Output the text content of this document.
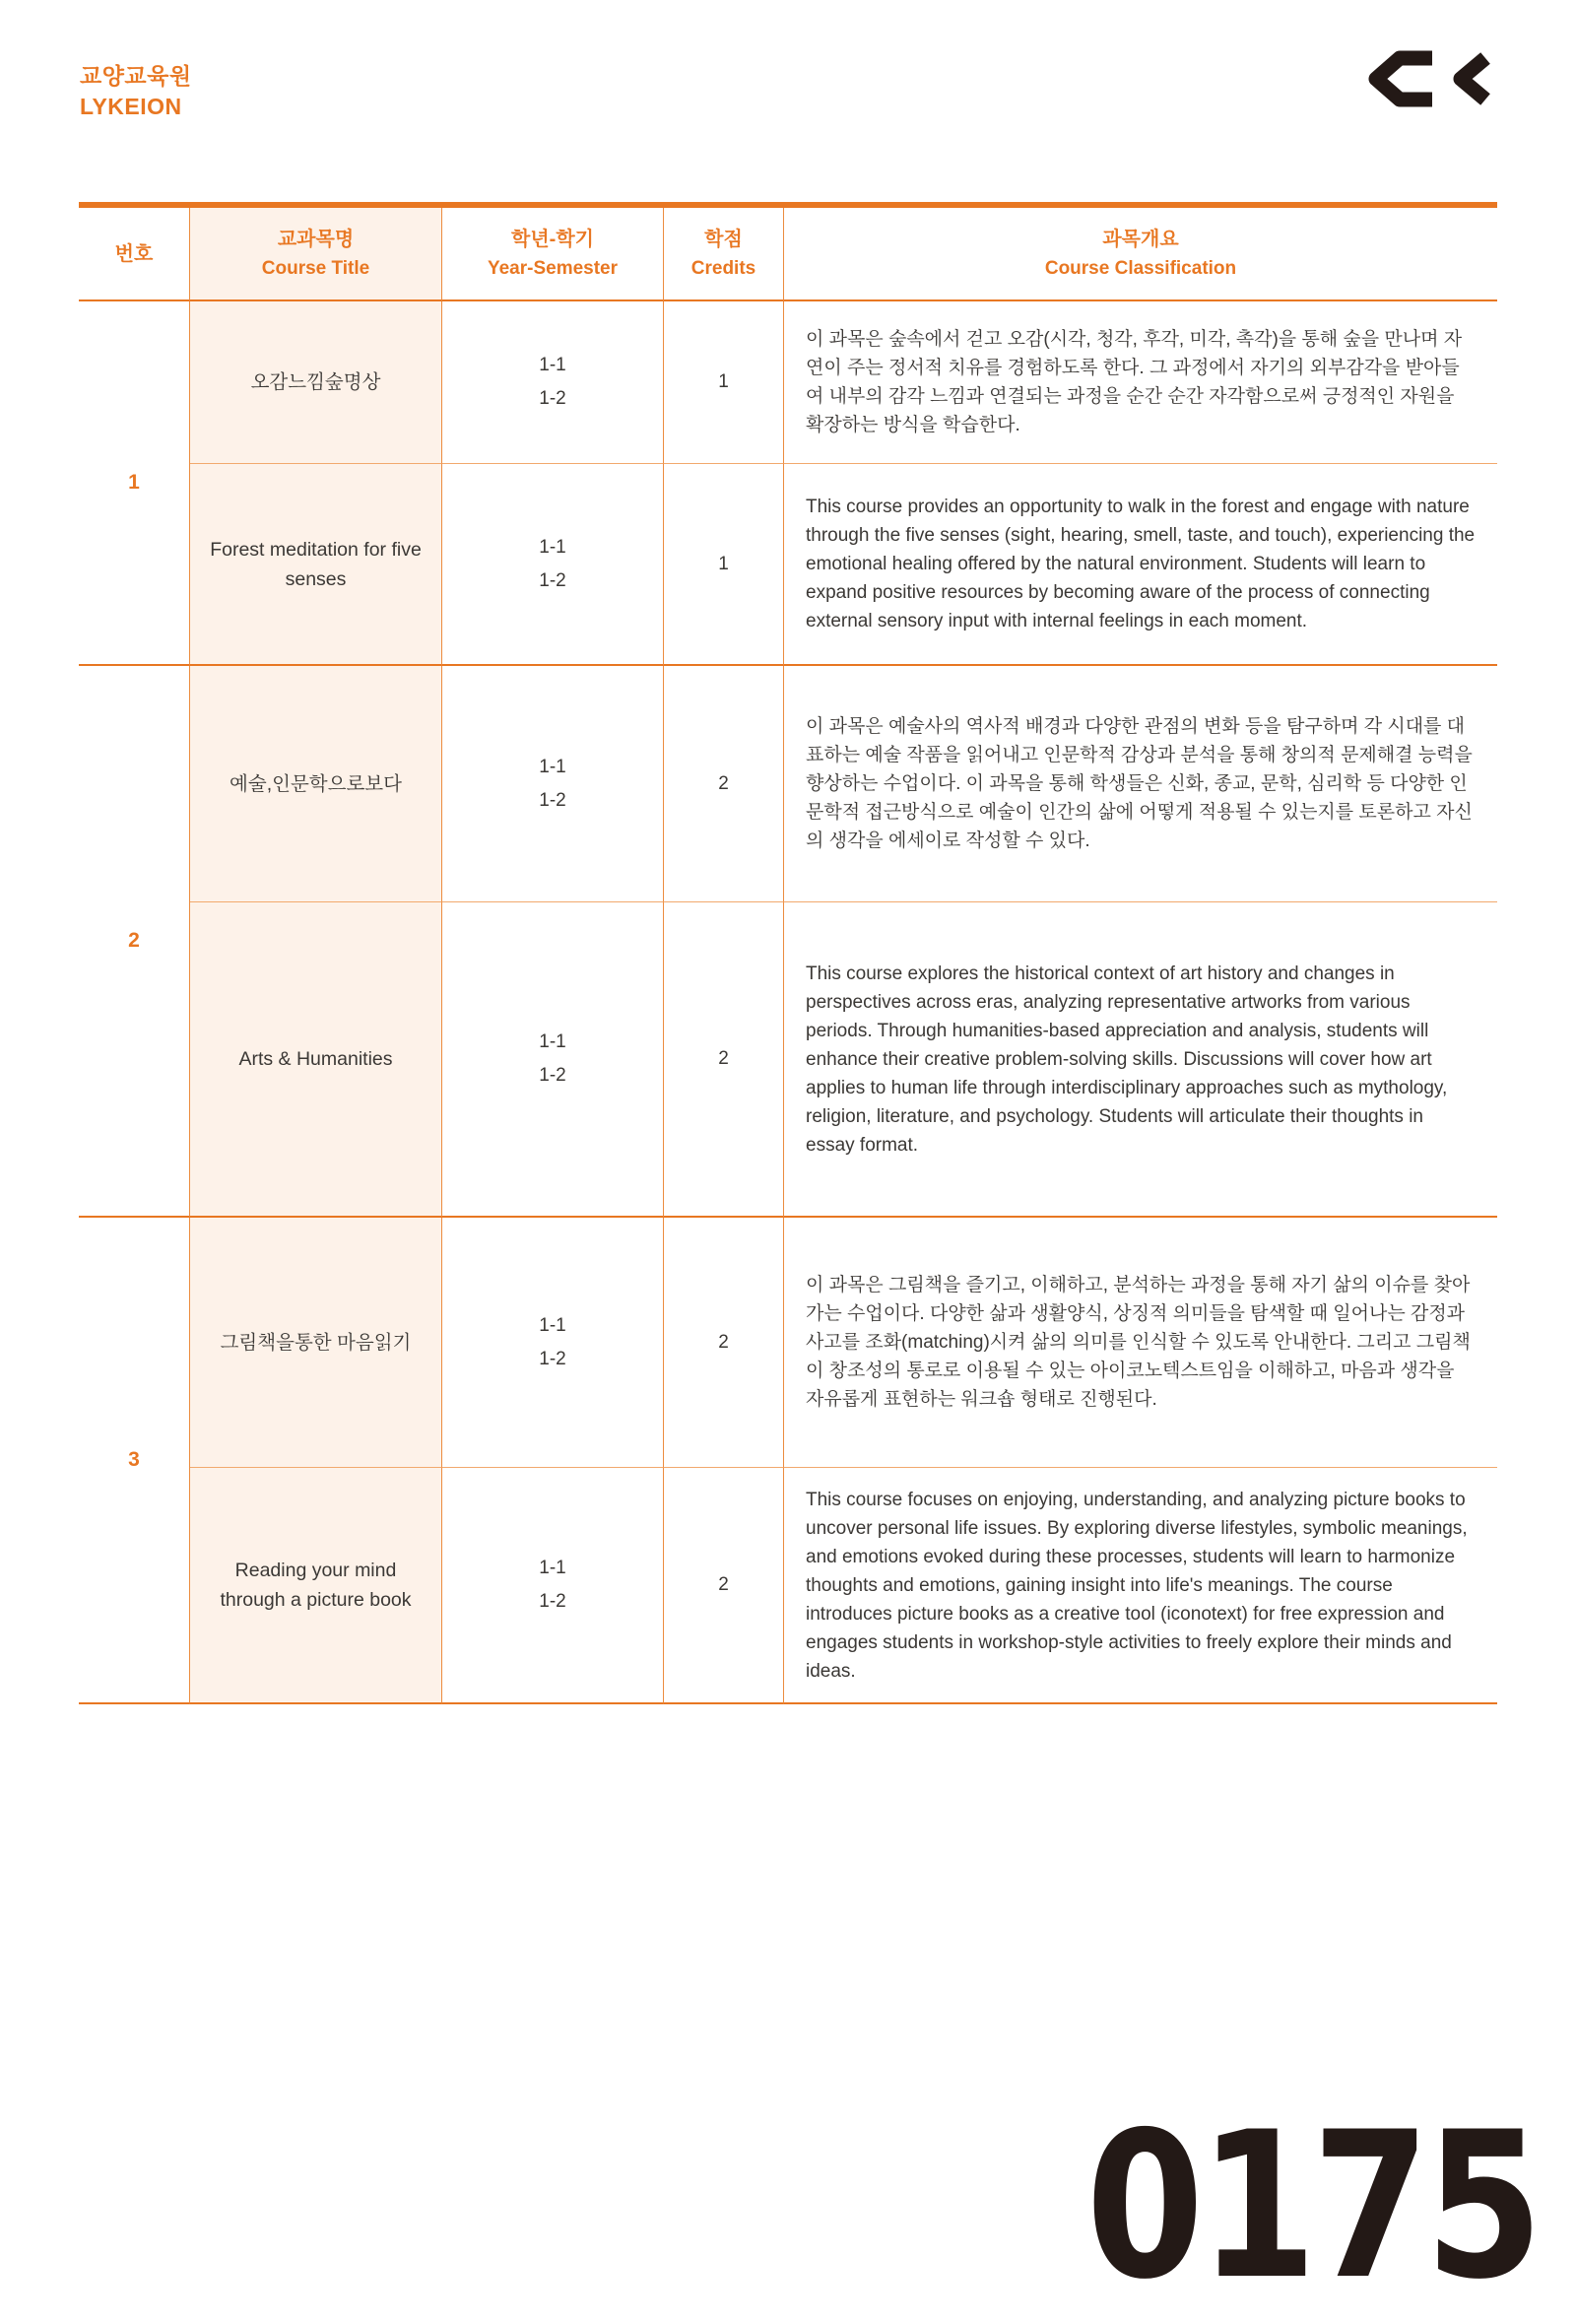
교양교육원
LYKEION
번호
교과목명
Course Title
학년-학기
Year-Semester
학점
Credits
과목개요
Course Classification
1
오감느낌숲명상
1-1
1-2
1

이 과목은 숲속에서 걷고 오감(시각, 청각, 후각, 미각, 촉각)을 통해 숲을 만나며 자연이 주는 정서적 치유를 경험하도록 한다. 그 과정에서 자기의 외부감각을 받아들여 내부의 감각 느낌과 연결되는 과정을 순간 순간 자각함으로써 긍정적인 자원을 확장하는 방식을 학습한다.

Forest meditation for five senses
1-1
1-2
1

This course provides an opportunity to walk in the forest and engage with nature through the five senses (sight, hearing, smell, taste, and touch), experiencing the emotional healing offered by the natural environment. Students will learn to expand positive resources by becoming aware of the process of connecting external sensory input with internal feelings in each moment.

2
예술,인문학으로보다
1-1
1-2
2

이 과목은 예술사의 역사적 배경과 다양한 관점의 변화 등을 탐구하며 각 시대를 대표하는 예술 작품을 읽어내고 인문학적 감상과 분석을 통해 창의적 문제해결 능력을 향상하는 수업이다. 이 과목을 통해 학생들은 신화, 종교, 문학, 심리학 등 다양한 인문학적 접근방식으로 예술이 인간의 삶에 어떻게 적용될 수 있는지를 토론하고 자신의 생각을 에세이로 작성할 수 있다.

Arts & Humanities
1-1
1-2
2

This course explores the historical context of art history and changes in perspectives across eras, analyzing representative artworks from various periods. Through humanities-based appreciation and analysis, students will enhance their creative problem-solving skills. Discussions will cover how art applies to human life through interdisciplinary approaches such as mythology, religion, literature, and psychology. Students will articulate their thoughts in essay format.

3
그림책을통한 마음읽기
1-1
1-2
2

이 과목은 그림책을 즐기고, 이해하고, 분석하는 과정을 통해 자기 삶의 이슈를 찾아가는 수업이다. 다양한 삶과 생활양식, 상징적 의미들을 탐색할 때 일어나는 감정과 사고를 조화(matching)시켜 삶의 의미를 인식할 수 있도록 안내한다. 그리고 그림책이 창조성의 통로로 이용될 수 있는 아이코노텍스트임을 이해하고, 마음과 생각을 자유롭게 표현하는 워크숍 형태로 진행된다.

Reading your mind through a picture book
1-1
1-2
2

This course focuses on enjoying, understanding, and analyzing picture books to uncover personal life issues. By exploring diverse lifestyles, symbolic meanings, and emotions evoked during these processes, students will learn to harmonize thoughts and emotions, gaining insight into life's meanings. The course introduces picture books as a creative tool (iconotext) for free expression and engages students in workshop-style activities to freely explore their minds and ideas.

0175
